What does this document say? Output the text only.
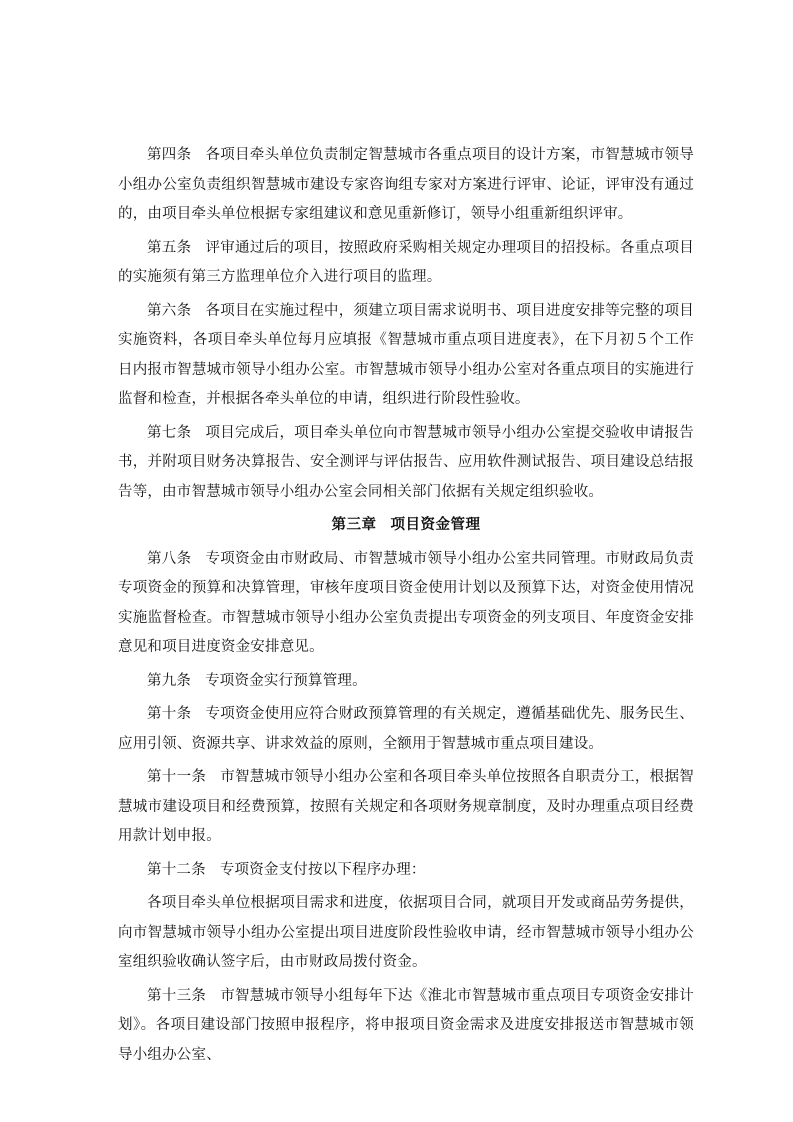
第四条 各项目牵头单位负责制定智慧城市各重点项目的设计方案，市智慧城市领导小组办公室负责组织智慧城市建设专家咨询组专家对方案进行评审、论证，评审没有通过的，由项目牵头单位根据专家组建议和意见重新修订，领导小组重新组织评审。

第五条 评审通过后的项目，按照政府采购相关规定办理项目的招投标。各重点项目的实施须有第三方监理单位介入进行项目的监理。

第六条 各项目在实施过程中，须建立项目需求说明书、项目进度安排等完整的项目实施资料，各项目牵头单位每月应填报《智慧城市重点项目进度表》，在下月初５个工作日内报市智慧城市领导小组办公室。市智慧城市领导小组办公室对各重点项目的实施进行监督和检查，并根据各牵头单位的申请，组织进行阶段性验收。

第七条 项目完成后，项目牵头单位向市智慧城市领导小组办公室提交验收申请报告书，并附项目财务决算报告、安全测评与评估报告、应用软件测试报告、项目建设总结报告等，由市智慧城市领导小组办公室会同相关部门依据有关规定组织验收。

第三章 项目资金管理

第八条 专项资金由市财政局、市智慧城市领导小组办公室共同管理。市财政局负责专项资金的预算和决算管理，审核年度项目资金使用计划以及预算下达，对资金使用情况实施监督检查。市智慧城市领导小组办公室负责提出专项资金的列支项目、年度资金安排意见和项目进度资金安排意见。

第九条 专项资金实行预算管理。

第十条 专项资金使用应符合财政预算管理的有关规定，遵循基础优先、服务民生、应用引领、资源共享、讲求效益的原则，全额用于智慧城市重点项目建设。

第十一条 市智慧城市领导小组办公室和各项目牵头单位按照各自职责分工，根据智慧城市建设项目和经费预算，按照有关规定和各项财务规章制度，及时办理重点项目经费用款计划申报。

第十二条 专项资金支付按以下程序办理：

各项目牵头单位根据项目需求和进度，依据项目合同，就项目开发或商品劳务提供，向市智慧城市领导小组办公室提出项目进度阶段性验收申请，经市智慧城市领导小组办公室组织验收确认签字后，由市财政局拨付资金。

第十三条 市智慧城市领导小组每年下达《淮北市智慧城市重点项目专项资金安排计划》。各项目建设部门按照申报程序，将申报项目资金需求及进度安排报送市智慧城市领导小组办公室、
